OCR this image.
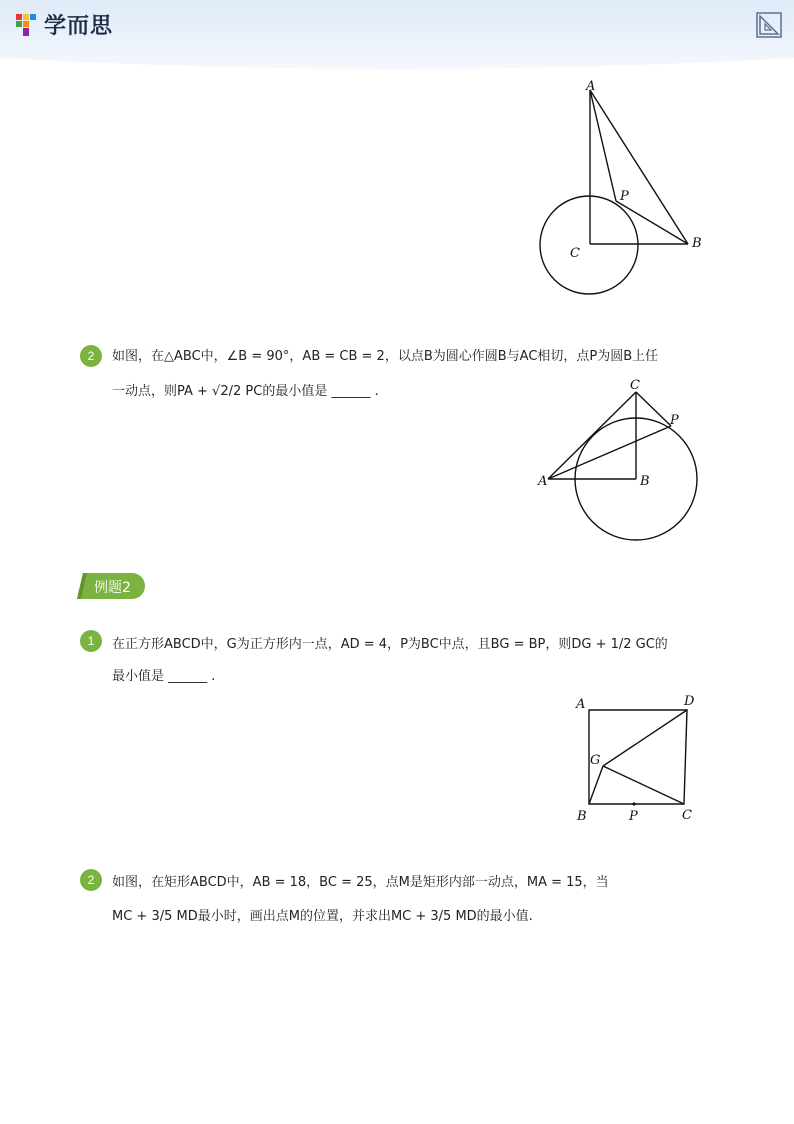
学而思
A
P
B
C
2	如图，在△ABC中，∠B = 90°，AB = CB = 2，以点B为圆心作圆B与AC相切，点P为圆B上任
一动点，则PA + √2/2 PC的最小值是 ______ .	C
P
A	B
例题2
1	在正方形ABCD中，G为正方形内一点，AD = 4，P为BC中点，且BG = BP，则DG + 1/2 GC的
最小值是 ______ .
A	D
G
B	P	C
2	如图，在矩形ABCD中，AB = 18，BC = 25，点M是矩形内部一动点，MA = 15，当
MC + 3/5 MD最小时，画出点M的位置，并求出MC + 3/5 MD的最小值.
